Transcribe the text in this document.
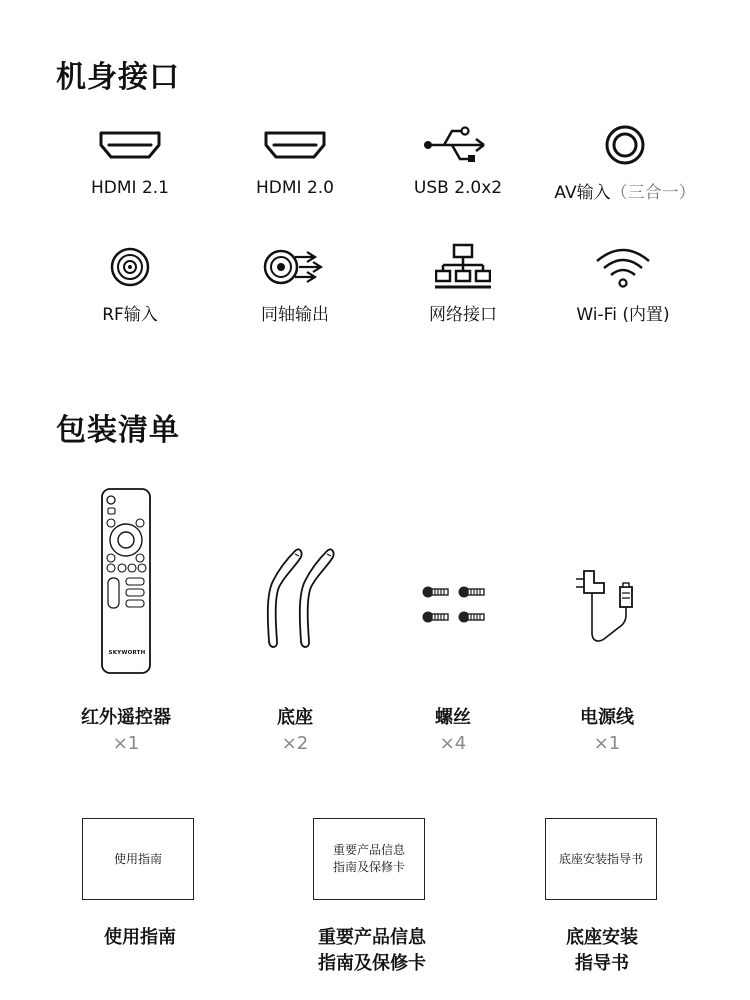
机身接口
HDMI 2.1	HDMI 2.0	USB 2.0x2	AV输入（三合一）
RF输入	同轴输出	网络接口	Wi-Fi (内置)
包装清单
SKYWORTH
红外遥控器
×1
底座
×2
螺丝
×4
电源线
×1
使用指南
重要产品信息
指南及保修卡
底座安装指导书
使用指南	重要产品信息
指南及保修卡
底座安装
指导书
